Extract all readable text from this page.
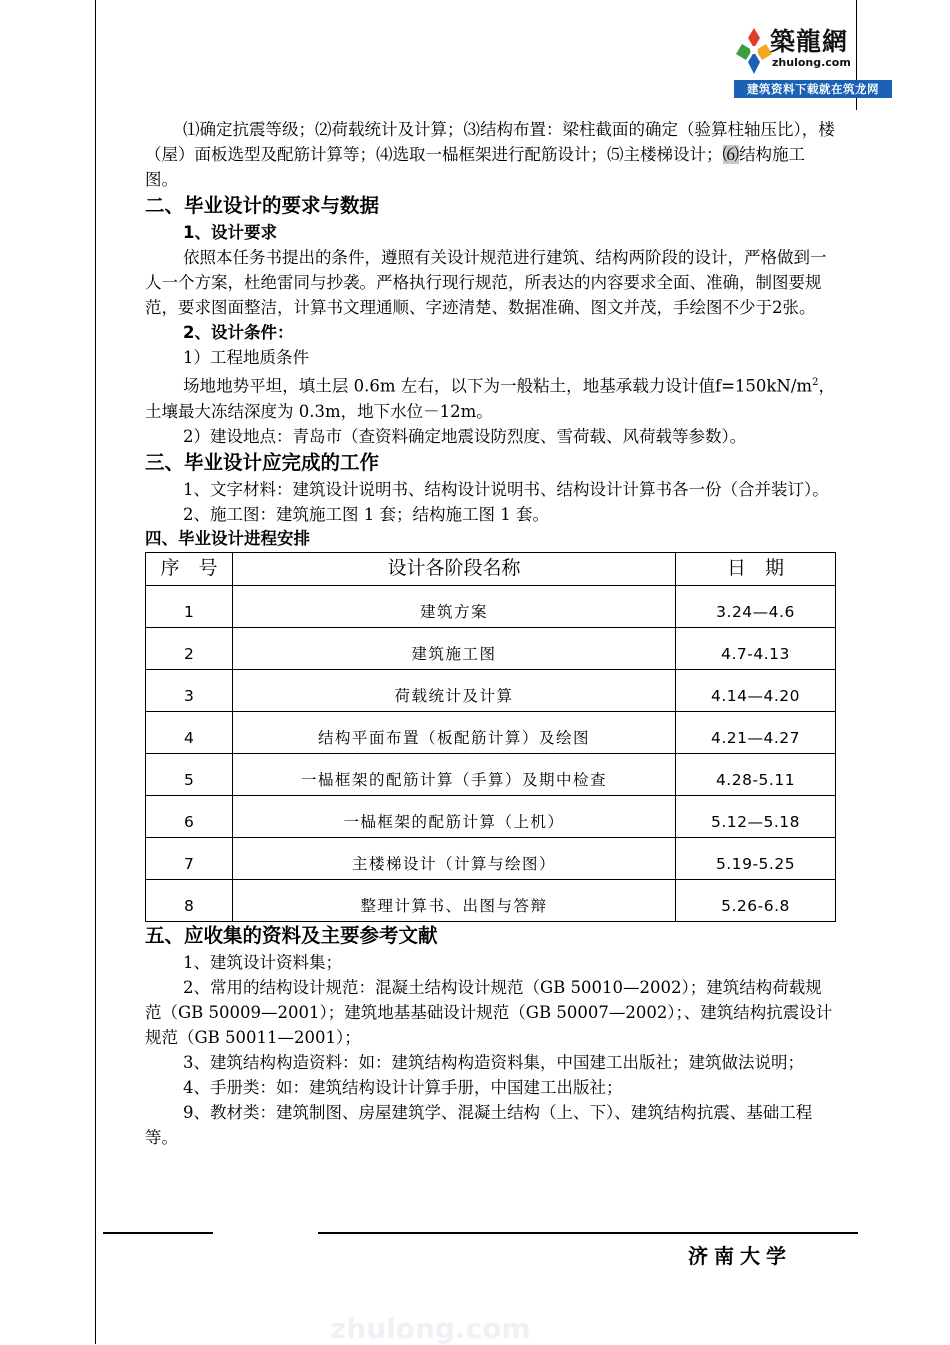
築龍網
zhulong.com
建筑资料下载就在筑龙网

⑴确定抗震等级；⑵荷载统计及计算；⑶结构布置：梁柱截面的确定（验算柱轴压比），楼（屋）面板选型及配筋计算等；⑷选取一榀框架进行配筋设计；⑸主楼梯设计；⑹结构施工图。

二、毕业设计的要求与数据
1、设计要求

依照本任务书提出的条件，遵照有关设计规范进行建筑、结构两阶段的设计，严格做到一人一个方案，杜绝雷同与抄袭。严格执行现行规范，所表达的内容要求全面、准确，制图要规范，要求图面整洁，计算书文理通顺、字迹清楚、数据准确、图文并茂，手绘图不少于2张。

2、设计条件：

1）工程地质条件

场地地势平坦，填土层 0.6m 左右，以下为一般粘土，地基承载力设计值$f=150kN/m^2$，土壤最大冻结深度为 0.3m，地下水位－12m。

2）建设地点：青岛市（查资料确定地震设防烈度、雪荷载、风荷载等参数）。

三、毕业设计应完成的工作

1、文字材料：建筑设计说明书、结构设计说明书、结构设计计算书各一份（合并装订）。

2、施工图：建筑施工图 1 套；结构施工图 1 套。

四、毕业设计进程安排
序　号	设计各阶段名称	日　期
1	建筑方案	3.24—4.6
2	建筑施工图	4.7-4.13
3	荷载统计及计算	4.14—4.20
4	结构平面布置（板配筋计算）及绘图	4.21—4.27
5	一榀框架的配筋计算（手算）及期中检查	4.28-5.11
6	一榀框架的配筋计算（上机）	5.12—5.18
7	主楼梯设计（计算与绘图）	5.19-5.25
8	整理计算书、出图与答辩	5.26-6.8
五、应收集的资料及主要参考文献

1、建筑设计资料集；

2、常用的结构设计规范：混凝土结构设计规范（GB 50010—2002）；建筑结构荷载规范（GB 50009—2001）；建筑地基基础设计规范（GB 50007—2002）；、建筑结构抗震设计规范（GB 50011—2001）；

3、建筑结构构造资料：如：建筑结构构造资料集，中国建工出版社；建筑做法说明；

4、手册类：如：建筑结构设计计算手册，中国建工出版社；

9、教材类：建筑制图、房屋建筑学、混凝土结构（上、下）、建筑结构抗震、基础工程等。

济南大学
zhulong.com
